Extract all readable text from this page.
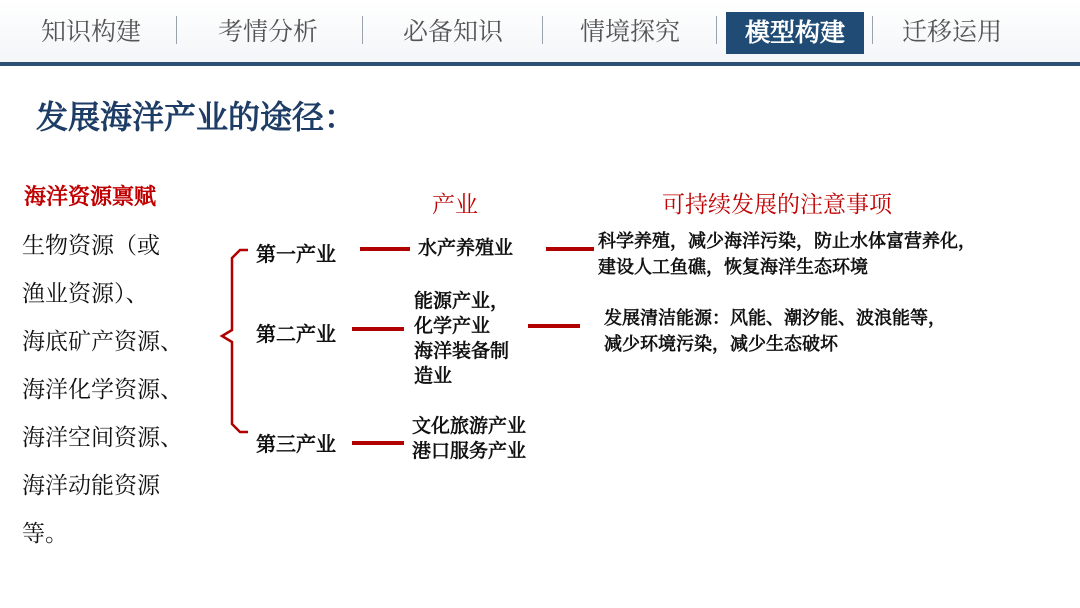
知识构建	考情分析	必备知识	情境探究	模型构建	迁移运用
发展海洋产业的途径：
海洋资源禀赋
生物资源（或
渔业资源）、
海底矿产资源、
海洋化学资源、
海洋空间资源、
海洋动能资源
等。
产业	可持续发展的注意事项
第一产业
第二产业
第三产业
水产养殖业
能源产业，
化学产业
海洋装备制
造业
文化旅游产业
港口服务产业
科学养殖，减少海洋污染，防止水体富营养化，
建设人工鱼礁，恢复海洋生态环境
发展清洁能源：风能、潮汐能、波浪能等，
减少环境污染，减少生态破坏
